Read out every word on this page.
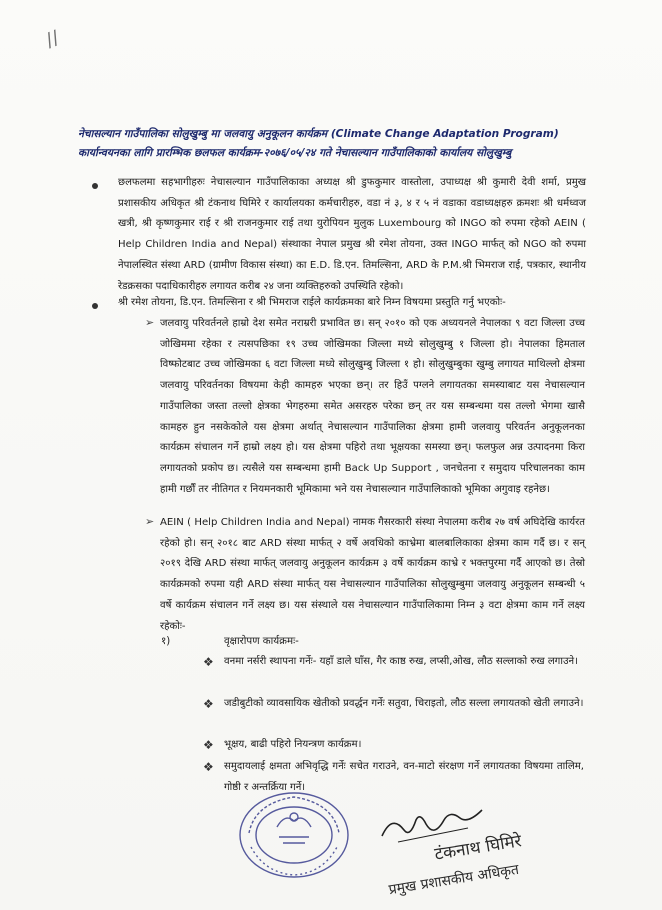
//
नेचासल्यान गाउँपालिका सोलुखुम्बु मा जलवायु अनुकूलन कार्यक्रम (Climate Change Adaptation Program)
कार्यान्वयनका लागि प्रारम्भिक छलफल कार्यक्रम-२०७६/०५/२४ गते नेचासल्यान गाउँपालिकाको कार्यालय सोलुखुम्बु
छलफलमा सहभागीहरुः नेचासल्यान गाउँपालिकाका अध्यक्ष श्री डुफकुमार वास्तोला, उपाध्यक्ष श्री कुमारी देवी शर्मा, प्रमुख प्रशासकीय अधिकृत श्री टंकनाथ घिमिरे र कार्यालयका कर्मचारीहरु, वडा नं ३, ४ र ५ नं वडाका वडाध्यक्षहरु क्रमशः श्री धर्मध्वज खत्री, श्री कृष्णकुमार राई र श्री राजनकुमार राई तथा युरोपियन मुलुक Luxembourg को INGO को रुपमा रहेको AEIN ( Help Children India and Nepal) संस्थाका नेपाल प्रमुख श्री रमेश तोयना, उक्त INGO मार्फत् को NGO को रुपमा नेपालस्थित संस्था ARD (ग्रामीण विकास संस्था) का E.D. डि.एन. तिमल्सिना, ARD के P.M.श्री भिमराज राई, पत्रकार, स्थानीय रेडक्रसका पदाधिकारीहरु लगायत करीब २४ जना व्यक्तिहरुको उपस्थिति रहेको।
श्री रमेश तोयना, डि.एन. तिमल्सिना र श्री भिमराज राईले कार्यक्रमका बारे निम्न विषयमा प्रस्तुति गर्नु भएकोः-
➢ जलवायु परिवर्तनले हाम्रो देश समेत नराम्ररी प्रभावित छ। सन् २०१० को एक अध्ययनले नेपालका ९ वटा जिल्ला उच्च जोखिममा रहेका र त्यसपछिका १९ उच्च जोखिमका जिल्ला मध्ये सोलुखुम्बु १ जिल्ला हो। नेपालका हिमताल विष्फोटबाट उच्च जोखिमका ६ वटा जिल्ला मध्ये सोलुखुम्बु जिल्ला १ हो। सोलुखुम्बुका खुम्बु लगायत माथिल्लो क्षेत्रमा जलवायु परिवर्तनका विषयमा केही कामहरु भएका छन्। तर हिउँ पग्लने लगायतका समस्याबाट यस नेचासल्यान गाउँपालिका जस्ता तल्लो क्षेत्रका भेगहरुमा समेत असरहरु परेका छन् तर यस सम्बन्धमा यस तल्लो भेगमा खासै कामहरु हुन नसकेकोले यस क्षेत्रमा अर्थात् नेचासल्यान गाउँपालिका क्षेत्रमा हामी जलवायु परिवर्तन अनुकूलनका कार्यक्रम संचालन गर्ने हाम्रो लक्ष्य हो। यस क्षेत्रमा पहिरो तथा भूक्षयका समस्या छन्। फलफुल अन्न उत्पादनमा किरा लगायतको प्रकोप छ। त्यसैले यस सम्बन्धमा हामी Back Up Support , जनचेतना र समुदाय परिचालनका काम हामी गर्छौं तर नीतिगत र नियमनकारी भूमिकामा भने यस नेचासल्यान गाउँपालिकाको भूमिका अगुवाइ रहनेछ।
➢ AEIN ( Help Children India and Nepal) नामक गैसरकारी संस्था नेपालमा करीब २७ वर्ष अघिदेखि कार्यरत रहेको हो। सन् २०१८ बाट ARD संस्था मार्फत् २ वर्षे अवधिको काभ्रेमा बालबालिकाका क्षेत्रमा काम गर्दै छ। र सन् २०१९ देखि ARD संस्था मार्फत् जलवायु अनुकूलन कार्यक्रम ३ वर्षे कार्यक्रम काभ्रे र भक्तपुरमा गर्दै आएको छ। तेस्रो कार्यक्रमको रुपमा यही ARD संस्था मार्फत् यस नेचासल्यान गाउँपालिका सोलुखुम्बुमा जलवायु अनुकूलन सम्बन्धी ५ वर्षे कार्यक्रम संचालन गर्ने लक्ष्य छ। यस संस्थाले यस नेचासल्यान गाउँपालिकामा निम्न ३ वटा क्षेत्रमा काम गर्ने लक्ष्य रहेकोः-
१)	वृक्षारोपण कार्यक्रमः-
❖ वनमा नर्सरी स्थापना गर्नेः- यहाँ डाले घाँस, गैर काष्ठ रुख, लप्सी,ओख, लौठ सल्लाको रुख लगाउने।
❖ जडीबुटीको व्यावसायिक खेतीको प्रवर्द्धन गर्नेः सतुवा, चिराइतो, लौठ सल्ला लगायतको खेती लगाउने।
❖ भूक्षय, बाढी पहिरो नियन्त्रण कार्यक्रम।
❖ समुदायलाई क्षमता अभिवृद्धि गर्नेः सचेत गराउने, वन-माटो संरक्षण गर्ने लगायतका विषयमा तालिम, गोष्ठी र अन्तर्क्रिया गर्ने।
टंकनाथ घिमिरे
प्रमुख प्रशासकीय अधिकृत
